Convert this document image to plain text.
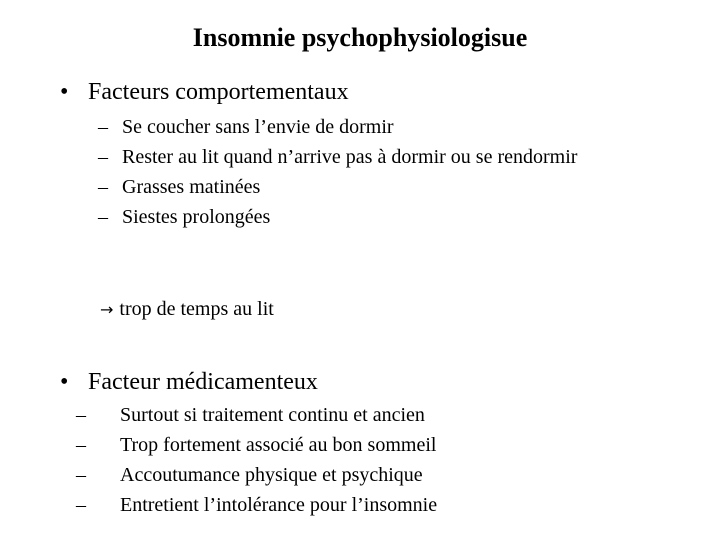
Insomnie psychophysiologisue
• Facteurs comportementaux
– Se coucher sans l’envie de dormir
– Rester au lit quand n’arrive pas à dormir ou se rendormir
– Grasses matinées
– Siestes prolongées
→ trop de temps au lit
• Facteur médicamenteux
– Surtout si traitement continu et ancien
– Trop fortement associé au bon sommeil
– Accoutumance physique et psychique
– Entretient l’intolérance pour l’insomnie
